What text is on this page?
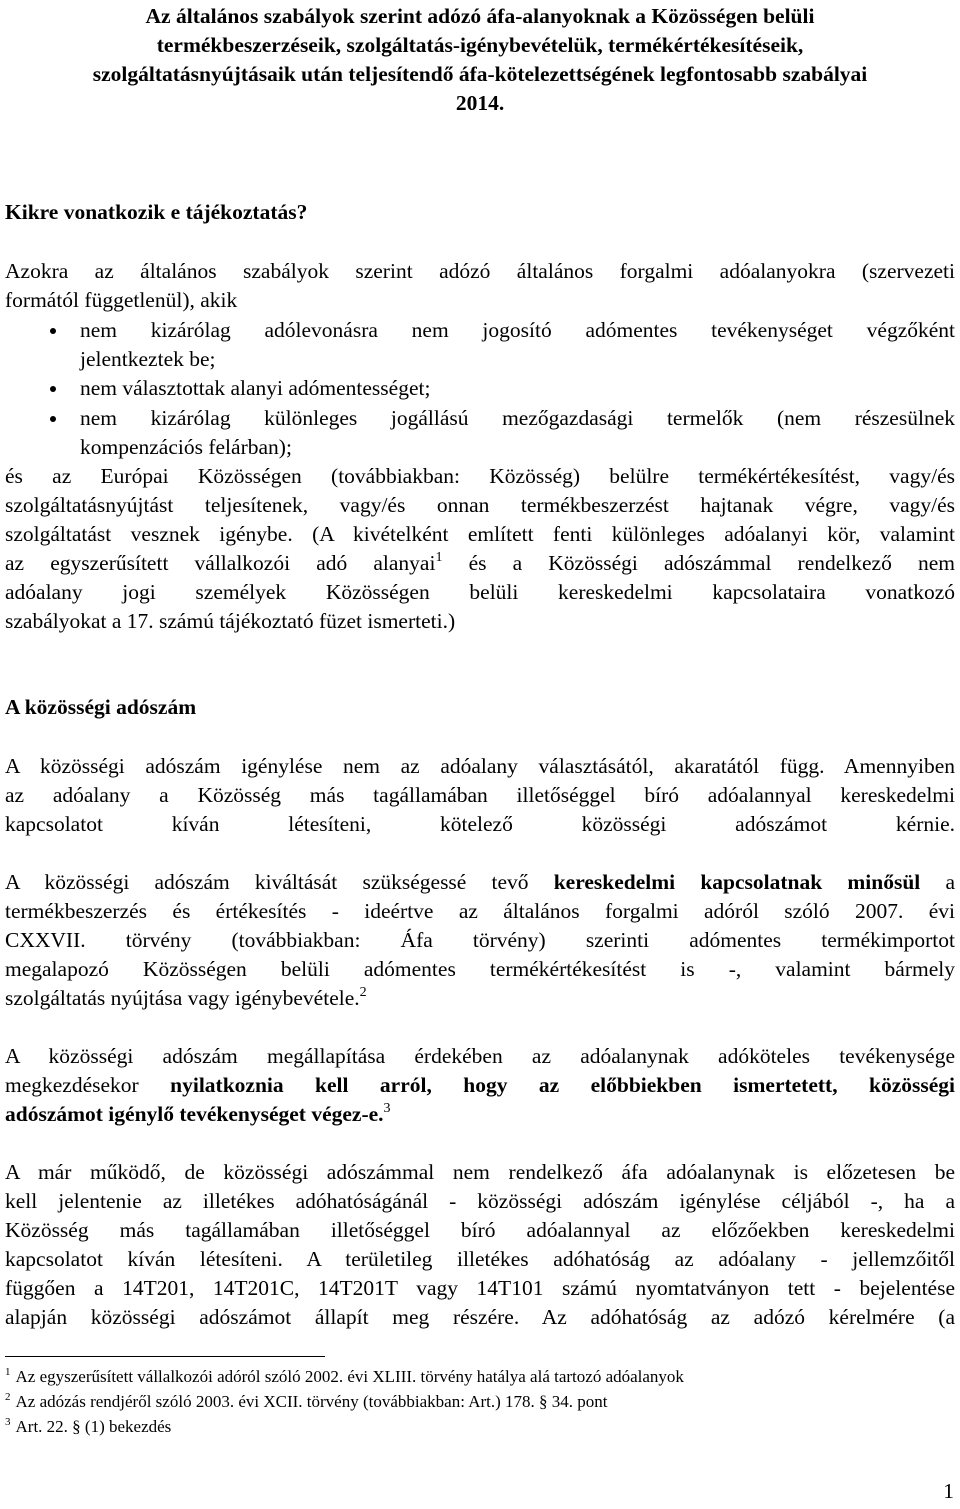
Az általános szabályok szerint adózó áfa-alanyoknak a Közösségen belüli
termékbeszerzéseik, szolgáltatás-igénybevételük, termékértékesítéseik,
szolgáltatásnyújtásaik után teljesítendő áfa-kötelezettségének legfontosabb szabályai
2014.
Kikre vonatkozik e tájékoztatás?
Azokra az általános szabályok szerint adózó általános forgalmi adóalanyokra (szervezeti
formától függetlenül), akik
nem kizárólag adólevonásra nem jogosító adómentes tevékenységet végzőként
jelentkeztek be;
nem választottak alanyi adómentességet;
nem kizárólag különleges jogállású mezőgazdasági termelők (nem részesülnek
kompenzációs felárban);
és az Európai Közösségen (továbbiakban: Közösség) belülre termékértékesítést, vagy/és
szolgáltatásnyújtást teljesítenek, vagy/és onnan termékbeszerzést hajtanak végre, vagy/és
szolgáltatást vesznek igénybe. (A kivételként említett fenti különleges adóalanyi kör, valamint
az egyszerűsített vállalkozói adó alanyai$^1$ és a Közösségi adószámmal rendelkező nem
adóalany jogi személyek Közösségen belüli kereskedelmi kapcsolataira vonatkozó
szabályokat a 17. számú tájékoztató füzet ismerteti.)
A közösségi adószám
A közösségi adószám igénylése nem az adóalany választásától, akaratától függ. Amennyiben
az adóalany a Közösség más tagállamában illetőséggel bíró adóalannyal kereskedelmi
kapcsolatot kíván létesíteni, kötelező közösségi adószámot kérnie.
A közösségi adószám kiváltását szükségessé tevő kereskedelmi kapcsolatnak minősül a
termékbeszerzés és értékesítés - ideértve az általános forgalmi adóról szóló 2007. évi
CXXVII. törvény (továbbiakban: Áfa törvény) szerinti adómentes termékimportot
megalapozó Közösségen belüli adómentes termékértékesítést is -, valamint bármely
szolgáltatás nyújtása vagy igénybevétele.$^2$
A közösségi adószám megállapítása érdekében az adóalanynak adóköteles tevékenysége
megkezdésekor nyilatkoznia kell arról, hogy az előbbiekben ismertetett, közösségi
adószámot igénylő tevékenységet végez-e.$^3$
A már működő, de közösségi adószámmal nem rendelkező áfa adóalanynak is előzetesen be
kell jelentenie az illetékes adóhatóságánál - közösségi adószám igénylése céljából -, ha a
Közösség más tagállamában illetőséggel bíró adóalannyal az előzőekben kereskedelmi
kapcsolatot kíván létesíteni. A területileg illetékes adóhatóság az adóalany - jellemzőitől
függően a 14T201, 14T201C, 14T201T vagy 14T101 számú nyomtatványon tett - bejelentése
alapján közösségi adószámot állapít meg részére. Az adóhatóság az adózó kérelmére (a
$^1$ Az egyszerűsített vállalkozói adóról szóló 2002. évi XLIII. törvény hatálya alá tartozó adóalanyok
$^2$ Az adózás rendjéről szóló 2003. évi XCII. törvény (továbbiakban: Art.) 178. § 34. pont
$^3$ Art. 22. § (1) bekezdés
1
